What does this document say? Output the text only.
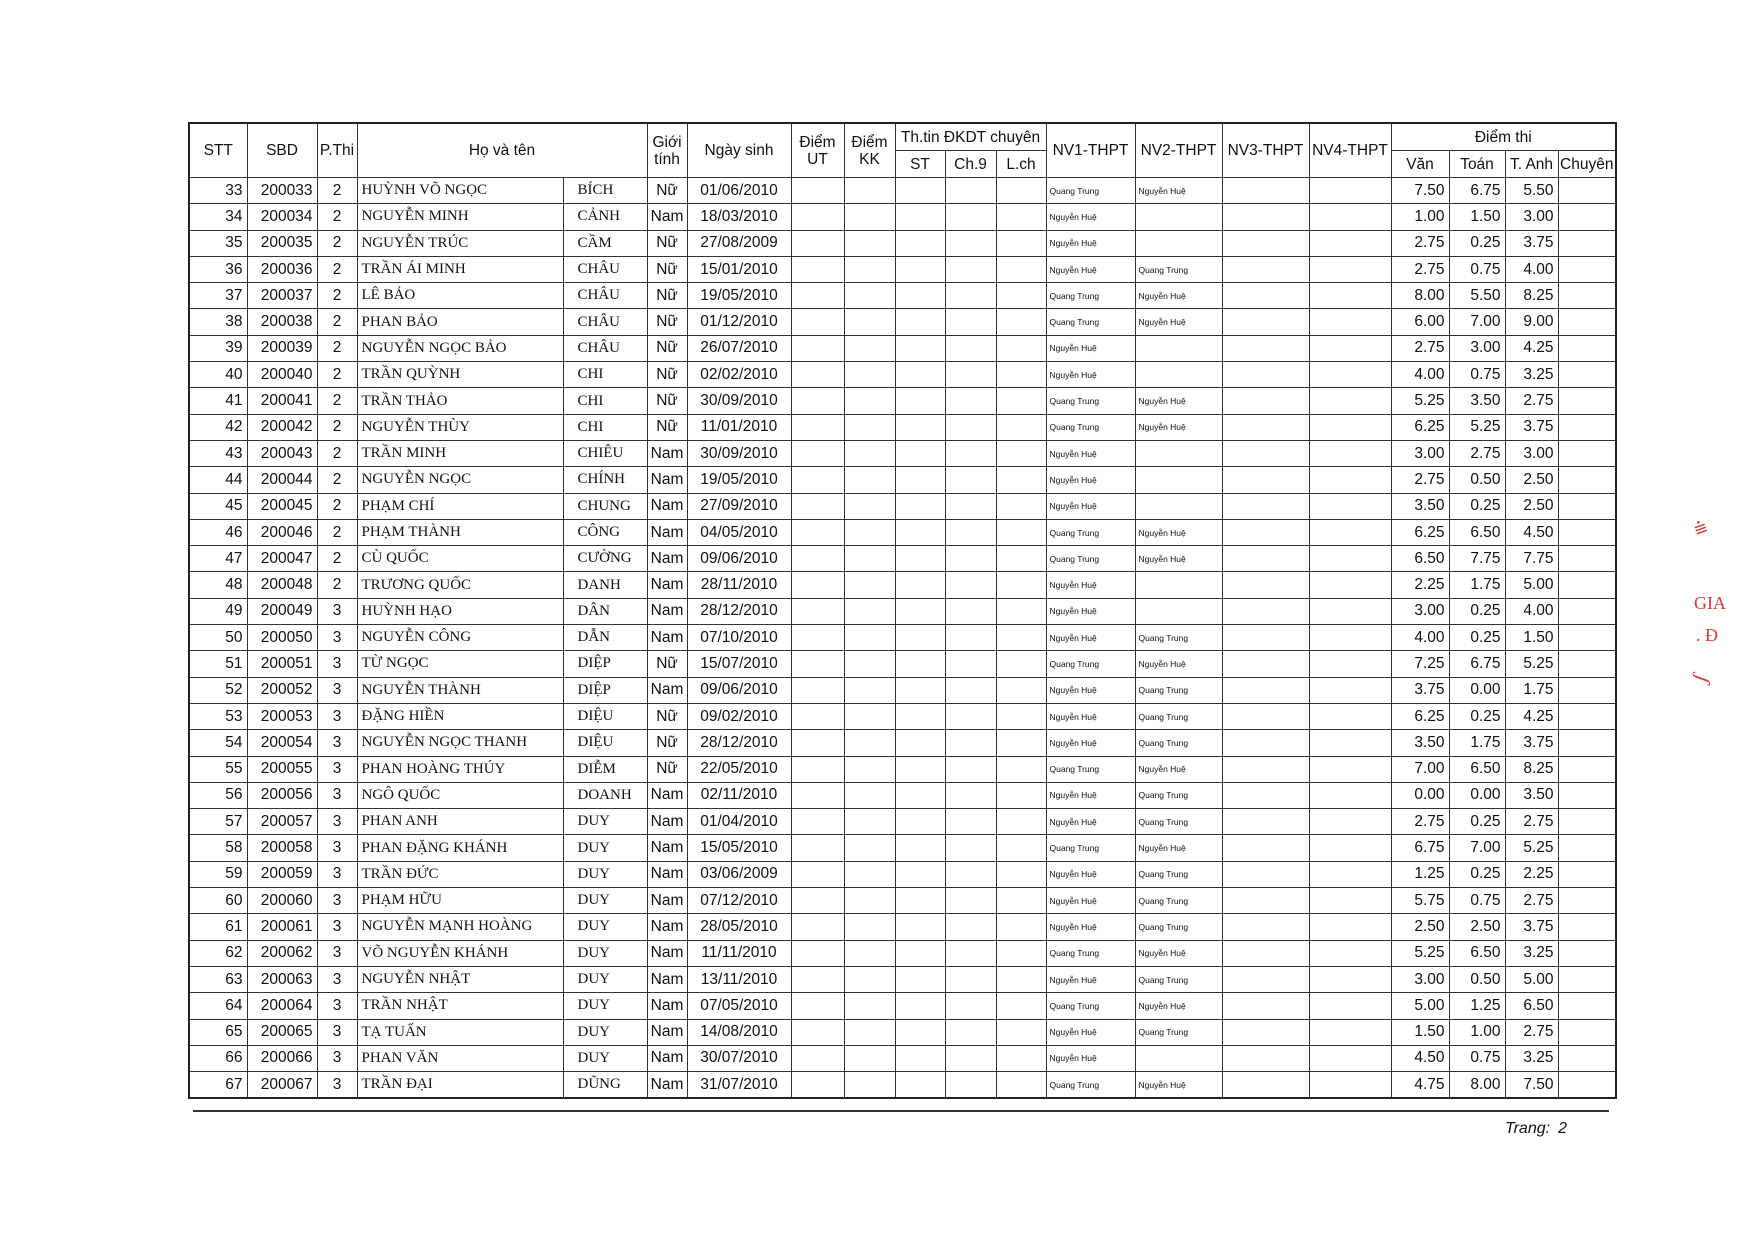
STT	SBD	P.Thi	Họ và tên		Giới tính	Ngày sinh	Điểm UT	Điểm KK	Th.tin ĐKDT chuyên			NV1-THPT	NV2-THPT	NV3-THPT	NV4-THPT	Điểm thi			
									ST	Ch.9	L.ch					Văn	Toán	T. Anh	Chuyên
33	200033	2	HUỲNH VÕ NGỌC	BÍCH	Nữ	01/06/2010						Quang Trung	Nguyễn Huệ			7.50	6.75	5.50	
34	200034	2	NGUYỄN MINH	CẢNH	Nam	18/03/2010						Nguyễn Huệ				1.00	1.50	3.00	
35	200035	2	NGUYỄN TRÚC	CẦM	Nữ	27/08/2009						Nguyễn Huệ				2.75	0.25	3.75	
36	200036	2	TRẦN ÁI MINH	CHÂU	Nữ	15/01/2010						Nguyễn Huệ	Quang Trung			2.75	0.75	4.00	
37	200037	2	LÊ BẢO	CHÂU	Nữ	19/05/2010						Quang Trung	Nguyễn Huệ			8.00	5.50	8.25	
38	200038	2	PHAN BẢO	CHÂU	Nữ	01/12/2010						Quang Trung	Nguyễn Huệ			6.00	7.00	9.00	
39	200039	2	NGUYỄN NGỌC BẢO	CHÂU	Nữ	26/07/2010						Nguyễn Huệ				2.75	3.00	4.25	
40	200040	2	TRẦN QUỲNH	CHI	Nữ	02/02/2010						Nguyễn Huệ				4.00	0.75	3.25	
41	200041	2	TRẦN THẢO	CHI	Nữ	30/09/2010						Quang Trung	Nguyễn Huệ			5.25	3.50	2.75	
42	200042	2	NGUYỄN THÙY	CHI	Nữ	11/01/2010						Quang Trung	Nguyễn Huệ			6.25	5.25	3.75	
43	200043	2	TRẦN MINH	CHIÊU	Nam	30/09/2010						Nguyễn Huệ				3.00	2.75	3.00	
44	200044	2	NGUYỄN NGỌC	CHÍNH	Nam	19/05/2010						Nguyễn Huệ				2.75	0.50	2.50	
45	200045	2	PHẠM CHÍ	CHUNG	Nam	27/09/2010						Nguyễn Huệ				3.50	0.25	2.50	
46	200046	2	PHẠM THÀNH	CÔNG	Nam	04/05/2010						Quang Trung	Nguyễn Huệ			6.25	6.50	4.50	
47	200047	2	CÙ QUỐC	CƯỜNG	Nam	09/06/2010						Quang Trung	Nguyễn Huệ			6.50	7.75	7.75	
48	200048	2	TRƯƠNG QUỐC	DANH	Nam	28/11/2010						Nguyễn Huệ				2.25	1.75	5.00	
49	200049	3	HUỲNH HẠO	DÂN	Nam	28/12/2010						Nguyễn Huệ				3.00	0.25	4.00	
50	200050	3	NGUYỄN CÔNG	DẪN	Nam	07/10/2010						Nguyễn Huệ	Quang Trung			4.00	0.25	1.50	
51	200051	3	TỪ NGỌC	DIỆP	Nữ	15/07/2010						Quang Trung	Nguyễn Huệ			7.25	6.75	5.25	
52	200052	3	NGUYỄN THÀNH	DIỆP	Nam	09/06/2010						Nguyễn Huệ	Quang Trung			3.75	0.00	1.75	
53	200053	3	ĐẶNG HIỀN	DIỆU	Nữ	09/02/2010						Nguyễn Huệ	Quang Trung			6.25	0.25	4.25	
54	200054	3	NGUYỄN NGỌC THANH	DIỆU	Nữ	28/12/2010						Nguyễn Huệ	Quang Trung			3.50	1.75	3.75	
55	200055	3	PHAN HOÀNG THÚY	DIỄM	Nữ	22/05/2010						Quang Trung	Nguyễn Huệ			7.00	6.50	8.25	
56	200056	3	NGÔ QUỐC	DOANH	Nam	02/11/2010						Nguyễn Huệ	Quang Trung			0.00	0.00	3.50	
57	200057	3	PHAN ANH	DUY	Nam	01/04/2010						Nguyễn Huệ	Quang Trung			2.75	0.25	2.75	
58	200058	3	PHAN ĐẶNG KHÁNH	DUY	Nam	15/05/2010						Quang Trung	Nguyễn Huệ			6.75	7.00	5.25	
59	200059	3	TRẦN ĐỨC	DUY	Nam	03/06/2009						Nguyễn Huệ	Quang Trung			1.25	0.25	2.25	
60	200060	3	PHẠM HỮU	DUY	Nam	07/12/2010						Nguyễn Huệ	Quang Trung			5.75	0.75	2.75	
61	200061	3	NGUYỄN MẠNH HOÀNG	DUY	Nam	28/05/2010						Nguyễn Huệ	Quang Trung			2.50	2.50	3.75	
62	200062	3	VÕ NGUYỄN KHÁNH	DUY	Nam	11/11/2010						Quang Trung	Nguyễn Huệ			5.25	6.50	3.25	
63	200063	3	NGUYỄN NHẬT	DUY	Nam	13/11/2010						Nguyễn Huệ	Quang Trung			3.00	0.50	5.00	
64	200064	3	TRẦN NHẬT	DUY	Nam	07/05/2010						Quang Trung	Nguyễn Huệ			5.00	1.25	6.50	
65	200065	3	TẠ TUẤN	DUY	Nam	14/08/2010						Nguyễn Huệ	Quang Trung			1.50	1.00	2.75	
66	200066	3	PHAN VĂN	DUY	Nam	30/07/2010						Nguyễn Huệ				4.50	0.75	3.25	
67	200067	3	TRẦN ĐẠI	DŨNG	Nam	31/07/2010						Quang Trung	Nguyễn Huệ			4.75	8.00	7.50	
Trang: 2
⩧
GIA
. Đ
ʃ
